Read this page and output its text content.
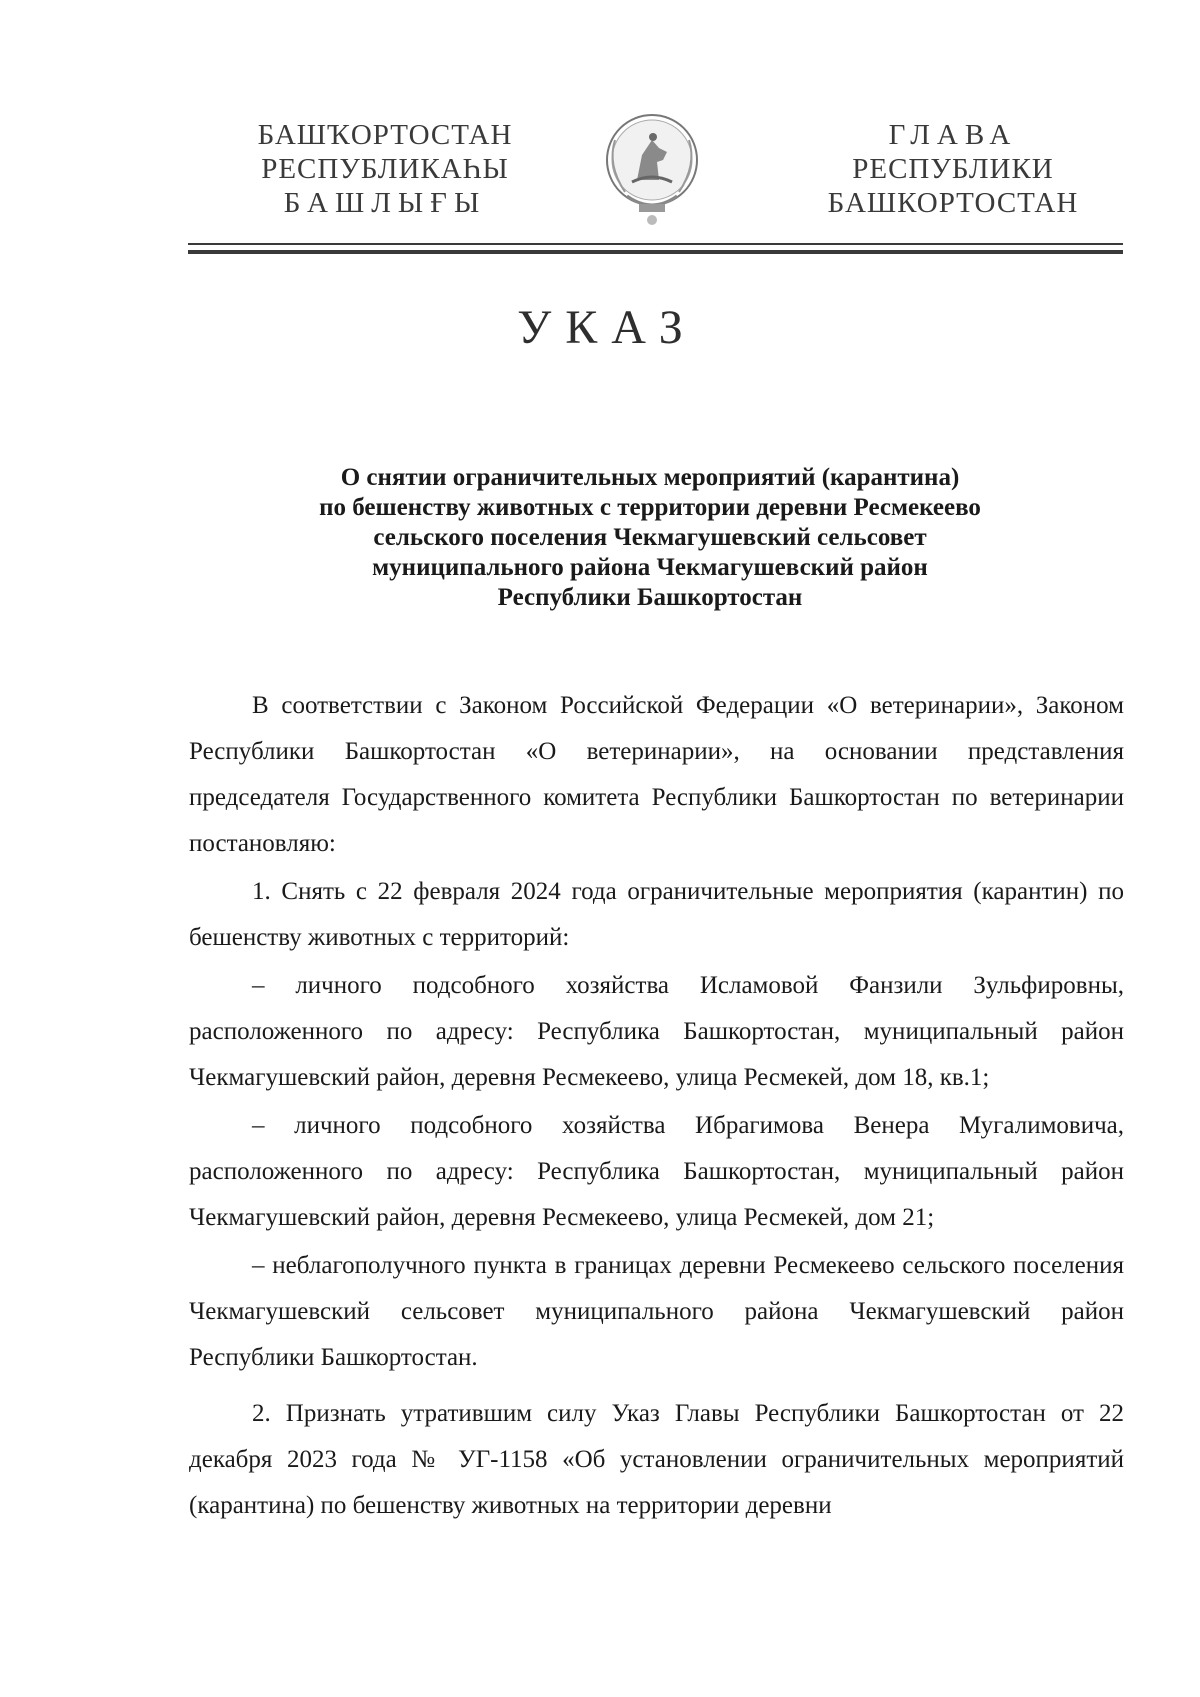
БАШҠОРТОСТАН
РЕСПУБЛИКАҺЫ
БАШЛЫҒЫ
ГЛАВА
РЕСПУБЛИКИ
БАШКОРТОСТАН
УКАЗ
О снятии ограничительных мероприятий (карантина)
по бешенству животных с территории деревни Ресмекеево
сельского поселения Чекмагушевский сельсовет
муниципального района Чекмагушевский район
Республики Башкортостан

В соответствии с Законом Российской Федерации «О ветеринарии», Законом Республики Башкортостан «О ветеринарии», на основании представления председателя Государственного комитета Республики Башкортостан по ветеринарии постановляю:

1. Снять с 22 февраля 2024 года ограничительные мероприятия (карантин) по бешенству животных с территорий:

– личного подсобного хозяйства Исламовой Фанзили Зульфировны, расположенного по адресу: Республика Башкортостан, муниципальный район Чекмагушевский район, деревня Ресмекеево, улица Ресмекей, дом 18, кв.1;

– личного подсобного хозяйства Ибрагимова Венера Мугалимовича, расположенного по адресу: Республика Башкортостан, муниципальный район Чекмагушевский район, деревня Ресмекеево, улица Ресмекей, дом 21;

– неблагополучного пункта в границах деревни Ресмекеево сельского поселения Чекмагушевский сельсовет муниципального района Чекмагушевский район Республики Башкортостан.

2. Признать утратившим силу Указ Главы Республики Башкортостан от 22 декабря 2023 года № УГ-1158 «Об установлении ограничительных мероприятий (карантина) по бешенству животных на территории деревни
